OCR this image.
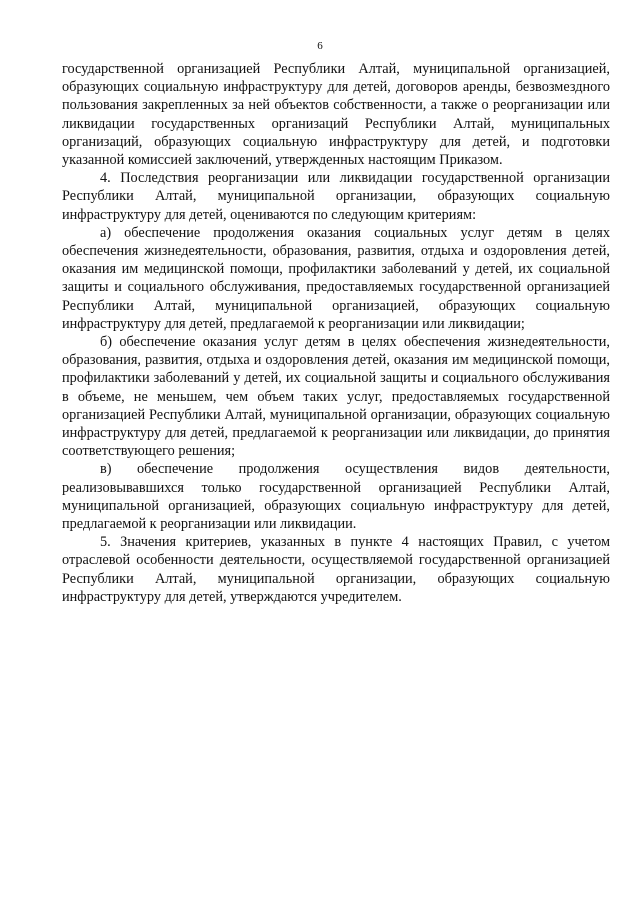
6

государственной организацией Республики Алтай, муниципальной организацией, образующих социальную инфраструктуру для детей, договоров аренды, безвозмездного пользования закрепленных за ней объектов собственности, а также о реорганизации или ликвидации государственных организаций Республики Алтай, муниципальных организаций, образующих социальную инфраструктуру для детей, и подготовки указанной комиссией заключений, утвержденных настоящим Приказом.

4. Последствия реорганизации или ликвидации государственной организации Республики Алтай, муниципальной организации, образующих социальную инфраструктуру для детей, оцениваются по следующим критериям:

а) обеспечение продолжения оказания социальных услуг детям в целях обеспечения жизнедеятельности, образования, развития, отдыха и оздоровления детей, оказания им медицинской помощи, профилактики заболеваний у детей, их социальной защиты и социального обслуживания, предоставляемых государственной организацией Республики Алтай, муниципальной организацией, образующих социальную инфраструктуру для детей, предлагаемой к реорганизации или ликвидации;

б) обеспечение оказания услуг детям в целях обеспечения жизнедеятельности, образования, развития, отдыха и оздоровления детей, оказания им медицинской помощи, профилактики заболеваний у детей, их социальной защиты и социального обслуживания в объеме, не меньшем, чем объем таких услуг, предоставляемых государственной организацией Республики Алтай, муниципальной организации, образующих социальную инфраструктуру для детей, предлагаемой к реорганизации или ликвидации, до принятия соответствующего решения;

в) обеспечение продолжения осуществления видов деятельности, реализовывавшихся только государственной организацией Республики Алтай, муниципальной организацией, образующих социальную инфраструктуру для детей, предлагаемой к реорганизации или ликвидации.

5. Значения критериев, указанных в пункте 4 настоящих Правил, с учетом отраслевой особенности деятельности, осуществляемой государственной организацией Республики Алтай, муниципальной организации, образующих социальную инфраструктуру для детей, утверждаются учредителем.
